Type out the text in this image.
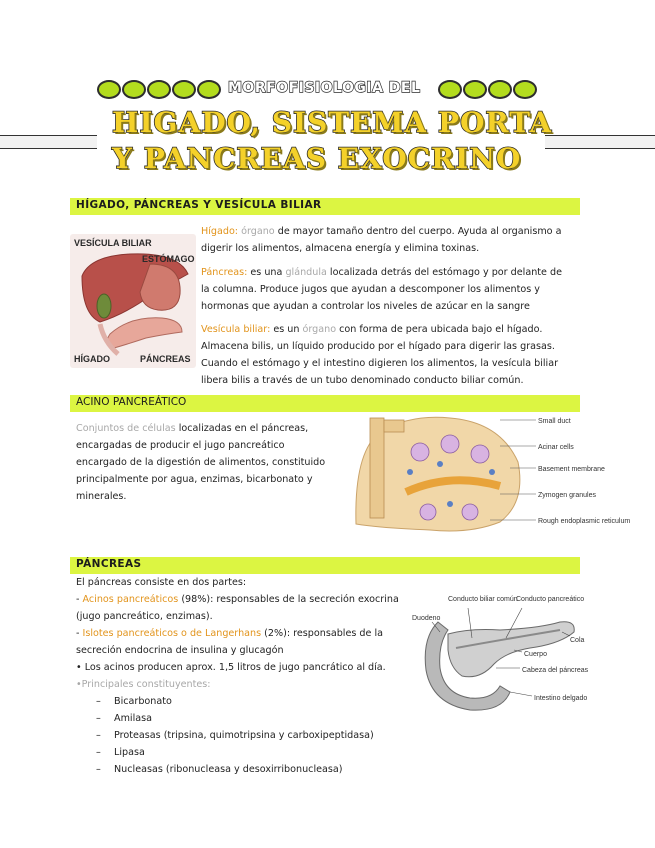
MORFOFISIOLOGIA DEL
HIGADO, SISTEMA PORTA
Y PANCREAS EXOCRINO
HÍGADO, PÁNCREAS Y VESÍCULA BILIAR
VESÍCULA BILIAR
ESTÓMAGO
HÍGADO	PÁNCREAS
Hígado: órgano de mayor tamaño dentro del cuerpo. Ayuda al organismo a digerir los alimentos, almacena energía y elimina toxinas.
Páncreas: es una glándula localizada detrás del estómago y por delante de la columna. Produce jugos que ayudan a descomponer los alimentos y hormonas que ayudan a controlar los niveles de azúcar en la sangre
Vesícula biliar: es un órgano con forma de pera ubicada bajo el hígado. Almacena bilis, un líquido producido por el hígado para digerir las grasas. Cuando el estómago y el intestino digieren los alimentos, la vesícula biliar libera bilis a través de un tubo denominado conducto biliar común.
ACINO PANCREÁTICO
Conjuntos de células localizadas en el páncreas, encargadas de producir el jugo pancreático encargado de la digestión de alimentos, constituido principalmente por agua, enzimas, bicarbonato y minerales.
Small duct
Acinar cells
Basement membrane
Zymogen granules
Rough endoplasmic reticulum
PÁNCREAS
El páncreas consiste en dos partes:
- Acinos pancreáticos (98%): responsables de la secreción exocrina (jugo pancreático, enzimas).
- Islotes pancreáticos o de Langerhans (2%): responsables de la secreción endocrina de insulina y glucagón
• Los acinos producen aprox. 1,5 litros de jugo pancrático al día.
•Principales constituyentes:
– Bicarbonato
– Amilasa
– Proteasas (tripsina, quimotripsina y carboxipeptidasa)
– Lipasa
– Nucleasas (ribonucleasa y desoxirribonucleasa)
Conducto biliar común
Conducto pancreático
Duodeno
Cola
Cuerpo
Cabeza del páncreas
Intestino delgado
